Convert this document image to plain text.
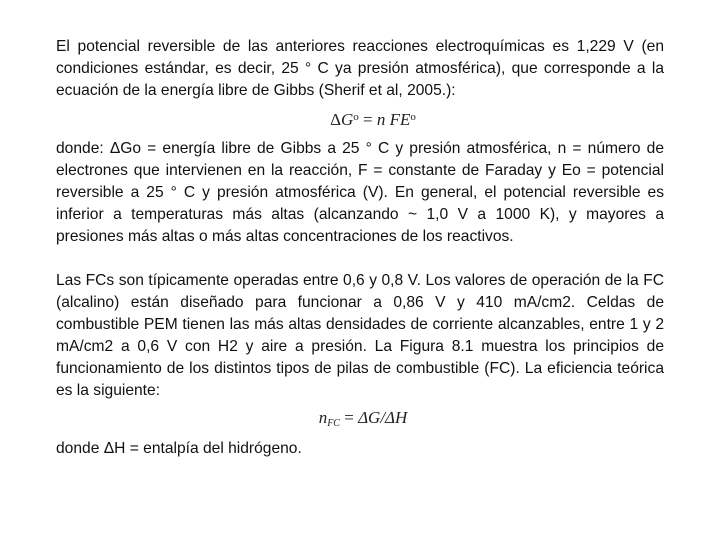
El potencial reversible de las anteriores reacciones electroquímicas es 1,229 V (en condiciones estándar, es decir, 25 ° C ya presión atmosférica), que corresponde a la ecuación de la energía libre de Gibbs (Sherif et al, 2005.):

$\Delta G^o = n$ $FE^o$

donde: ΔGo = energía libre de Gibbs a 25 ° C y presión atmosférica, n = número de electrones que intervienen en la reacción, F = constante de Faraday y Eo = potencial reversible a 25 ° C y presión atmosférica (V). En general, el potencial reversible es inferior a temperaturas más altas (alcanzando ~ 1,0 V a 1000 K), y mayores a presiones más altas o más altas concentraciones de los reactivos.

Las FCs son típicamente operadas entre 0,6 y 0,8 V. Los valores de operación de la FC (alcalino) están diseñado para funcionar a 0,86 V y 410 mA/cm2. Celdas de combustible PEM tienen las más altas densidades de corriente alcanzables, entre 1 y 2 mA/cm2 a 0,6 V con H2 y aire a presión. La Figura 8.1 muestra los principios de funcionamiento de los distintos tipos de pilas de combustible (FC). La eficiencia teórica es la siguiente:

$n_{FC} = \Delta G/\Delta H$

donde ΔH = entalpía del hidrógeno.
